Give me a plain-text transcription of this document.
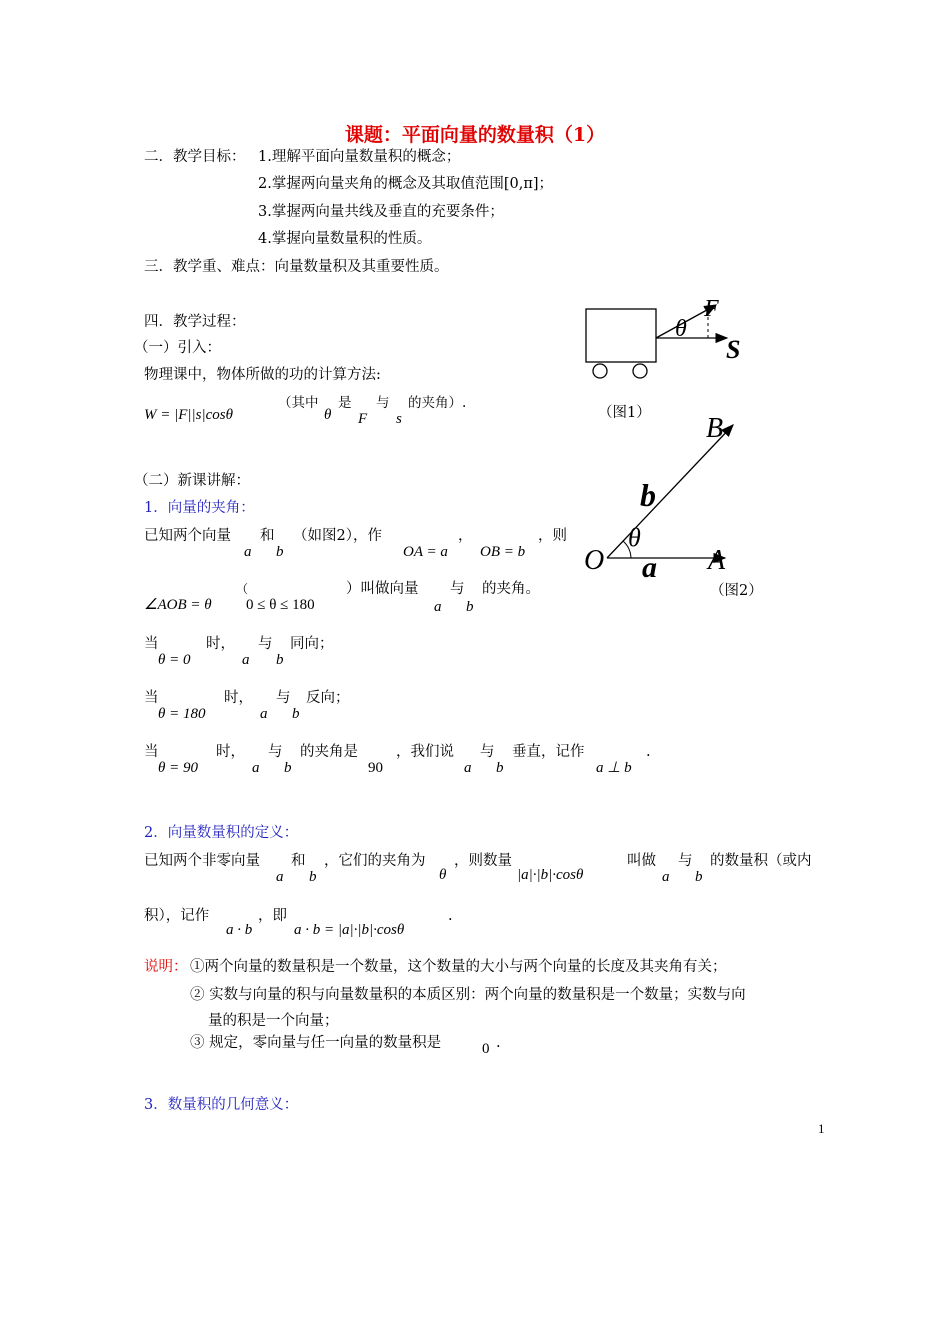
课题：平面向量的数量积（1）
二．教学目标： 1.理解平面向量数量积的概念；
2.掌握两向量夹角的概念及其取值范围[0,π]；
3.掌握两向量共线及垂直的充要条件；
4.掌握向量数量积的性质。
三．教学重、难点：向量数量积及其重要性质。
四．教学过程：
（一）引入：
物理课中，物体所做的功的计算方法:
W = |F||s|cosθ
（其中
θ
是
F
与
s
的夹角）.
F
θ
S
（图1） B
b
θ
O a A
（图2）
（二）新课讲解：
1．向量的夹角：
已知两个向量
a
和
b
（如图2），作
OA = a
，
OB = b
，则
∠AOB = θ
（
0 ≤ θ ≤ 180
）叫做向量
a
与
b
的夹角。
当
θ = 0
时，
a
与
b
同向；
当
θ = 180
时，
a
与
b
反向；
当
θ = 90
时，
a
与
b
的夹角是
90
，我们说
a
与
b
垂直，记作
a ⊥ b
.
2．向量数量积的定义：
已知两个非零向量
a
和
b
，它们的夹角为
θ
，则数量
|a|·|b|·cosθ
叫做
a
与
b
的数量积（或内
积），记作
a · b
，即
a · b = |a|·|b|·cosθ
.
说明： ①两个向量的数量积是一个数量，这个数量的大小与两个向量的长度及其夹角有关；
② 实数与向量的积与向量数量积的本质区别：两个向量的数量积是一个数量；实数与向
量的积是一个向量；
③ 规定，零向量与任一向量的数量积是	0 .
3．数量积的几何意义：
1
